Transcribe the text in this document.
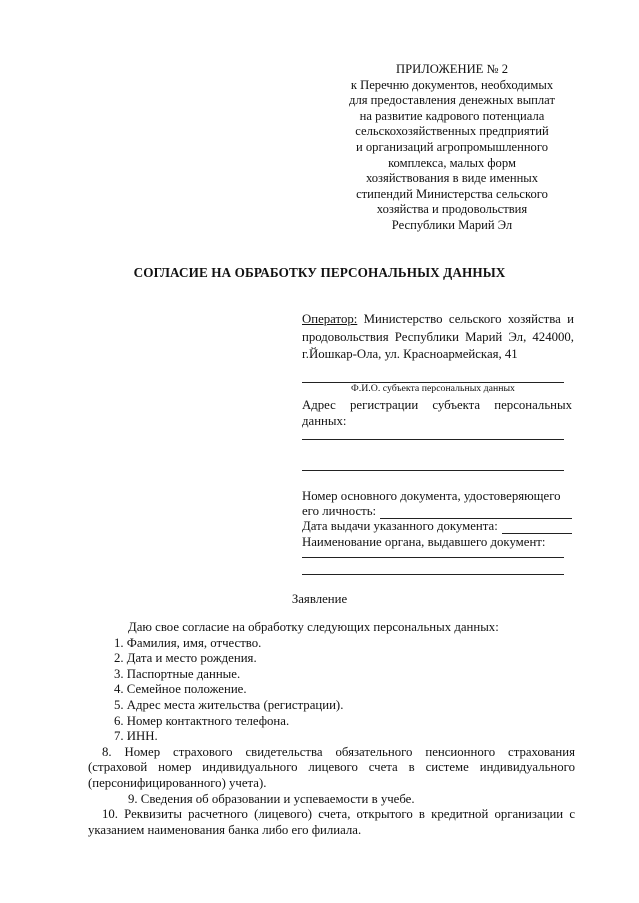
ПРИЛОЖЕНИЕ № 2
к Перечню документов, необходимых
для предоставления денежных выплат
на развитие кадрового потенциала
сельскохозяйственных предприятий
и организаций агропромышленного
комплекса, малых форм
хозяйствования в виде именных
стипендий Министерства сельского
хозяйства и продовольствия
Республики Марий Эл
СОГЛАСИЕ НА ОБРАБОТКУ ПЕРСОНАЛЬНЫХ ДАННЫХ
Оператор: Министерство сельского хозяйства и продовольствия Республики Марий Эл, 424000, г.Йошкар-Ола, ул. Красноармейская, 41
Ф.И.О. субъекта персональных данных
Адрес регистрации субъекта персональных данных:
Номер основного документа, удостоверяющего
его личность:
Дата выдачи указанного документа:
Наименование органа, выдавшего документ:
Заявление
Даю свое согласие на обработку следующих персональных данных:
1. Фамилия, имя, отчество.
2. Дата и место рождения.
3. Паспортные данные.
4. Семейное положение.
5. Адрес места жительства (регистрации).
6. Номер контактного телефона.
7. ИНН.
8. Номер страхового свидетельства обязательного пенсионного страхования (страховой номер индивидуального лицевого счета в системе индивидуального (персонифицированного) учета).
9. Сведения об образовании и успеваемости в учебе.
10. Реквизиты расчетного (лицевого) счета, открытого в кредитной организации с указанием наименования банка либо его филиала.
